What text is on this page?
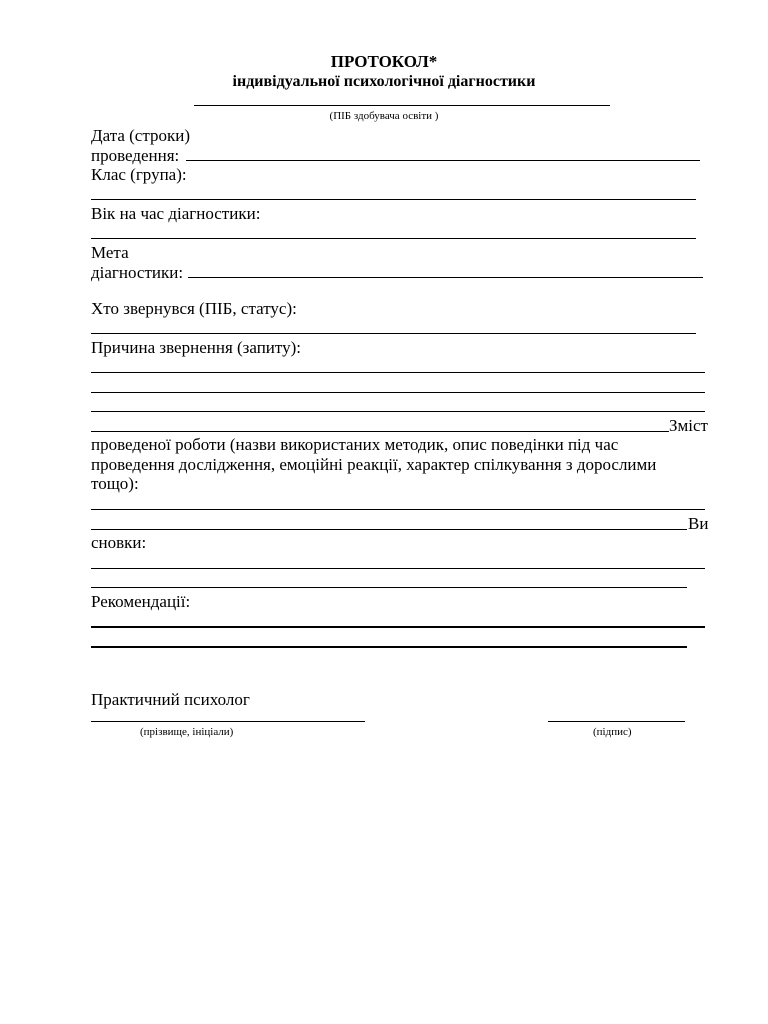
ПРОТОКОЛ*
індивідуальної психологічної діагностики
(ПІБ здобувача освіти )
Дата (строки)
проведення:
Клас (група):
Вік на час діагностики:
Мета
діагностики:
Хто звернувся (ПІБ, статус):
Причина звернення (запиту):
Зміст
проведеної роботи (назви використаних методик, опис поведінки під час
проведення дослідження, емоційні реакції, характер спілкування з дорослими
тощо):
Ви
сновки:
Рекомендації:
Практичний психолог
(прізвище, ініціали)	(підпис)
